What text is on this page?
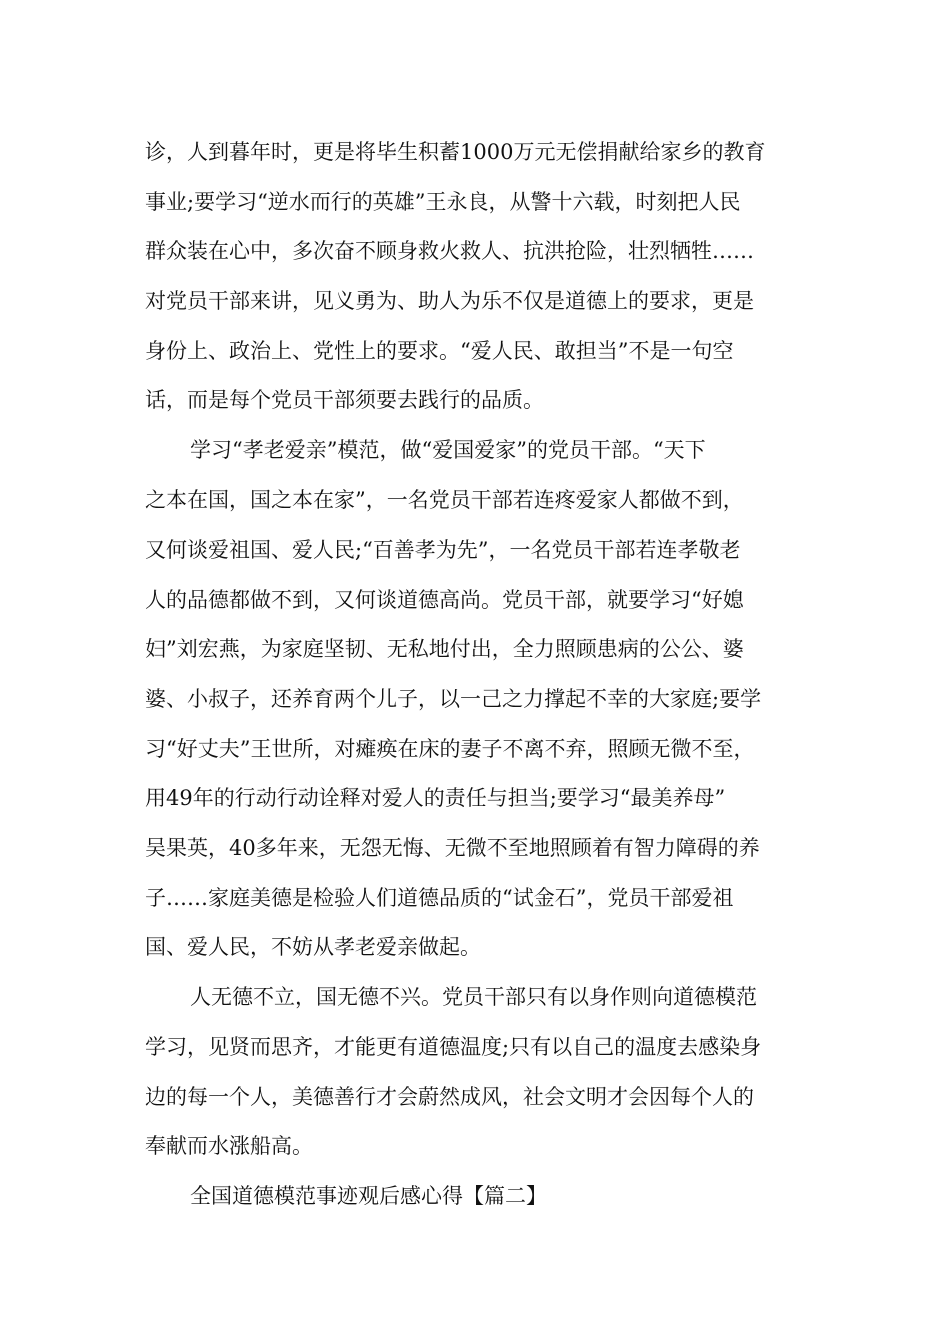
诊，人到暮年时，更是将毕生积蓄1000万元无偿捐献给家乡的教育
事业;要学习“逆水而行的英雄”王永良，从警十六载，时刻把人民
群众装在心中，多次奋不顾身救火救人、抗洪抢险，壮烈牺牲……
对党员干部来讲，见义勇为、助人为乐不仅是道德上的要求，更是
身份上、政治上、党性上的要求。“爱人民、敢担当”不是一句空
话，而是每个党员干部须要去践行的品质。
学习“孝老爱亲”模范，做“爱国爱家”的党员干部。“天下
之本在国，国之本在家”，一名党员干部若连疼爱家人都做不到，
又何谈爱祖国、爱人民;“百善孝为先”，一名党员干部若连孝敬老
人的品德都做不到，又何谈道德高尚。党员干部，就要学习“好媳
妇”刘宏燕，为家庭坚韧、无私地付出，全力照顾患病的公公、婆
婆、小叔子，还养育两个儿子，以一己之力撑起不幸的大家庭;要学
习“好丈夫”王世所，对瘫痪在床的妻子不离不弃，照顾无微不至，
用49年的行动行动诠释对爱人的责任与担当;要学习“最美养母”
吴果英，40多年来，无怨无悔、无微不至地照顾着有智力障碍的养
子……家庭美德是检验人们道德品质的“试金石”，党员干部爱祖
国、爱人民，不妨从孝老爱亲做起。
人无德不立，国无德不兴。党员干部只有以身作则向道德模范
学习，见贤而思齐，才能更有道德温度;只有以自己的温度去感染身
边的每一个人，美德善行才会蔚然成风，社会文明才会因每个人的
奉献而水涨船高。
全国道德模范事迹观后感心得【篇二】
